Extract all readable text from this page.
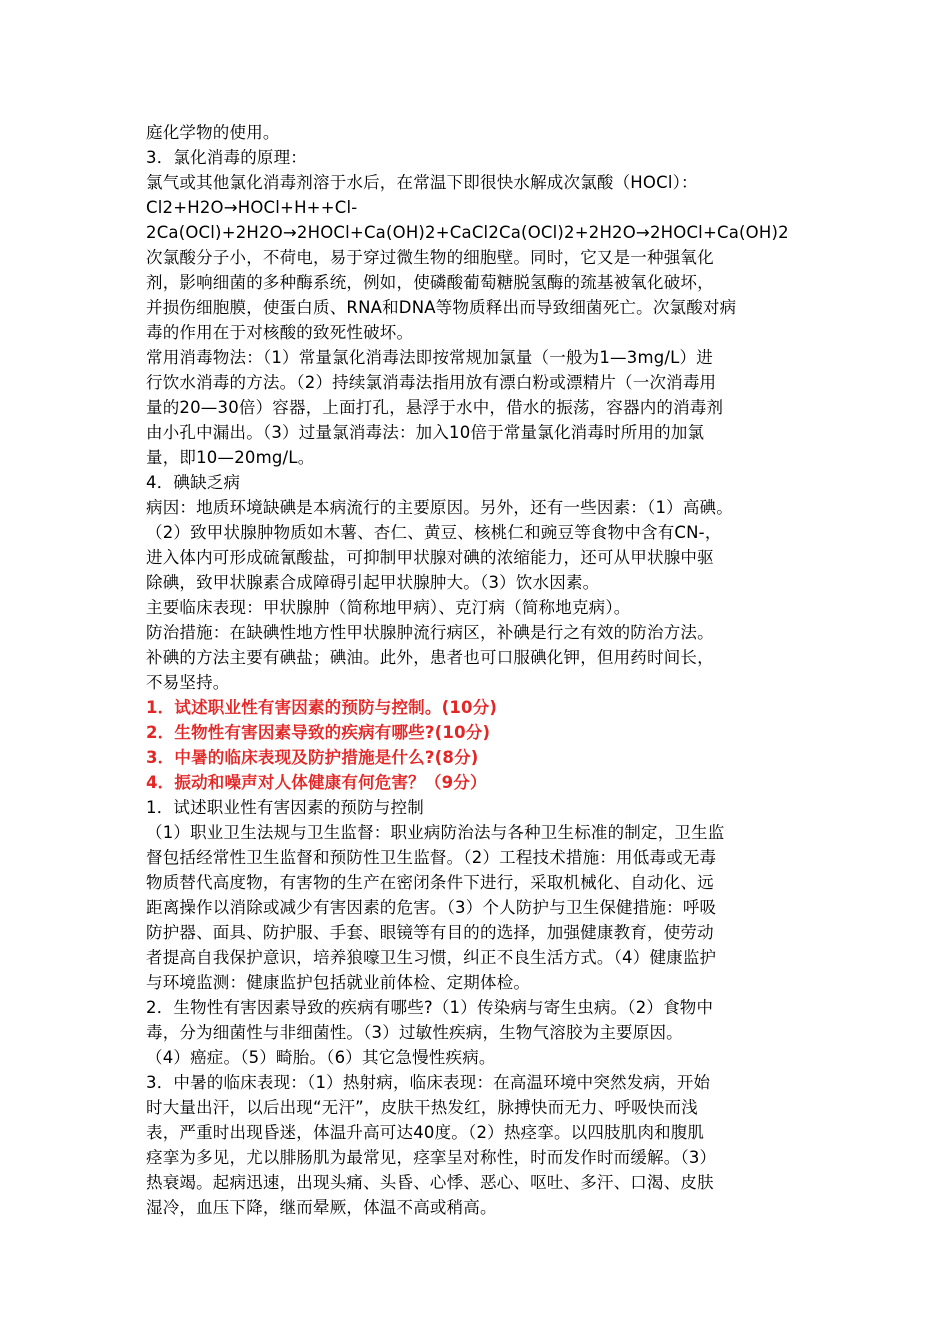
庭化学物的使用。
3．氯化消毒的原理：
氯气或其他氯化消毒剂溶于水后，在常温下即很快水解成次氯酸（HOCl）：
Cl2+H2O→HOCl+H++Cl-
2Ca(OCl)+2H2O→2HOCl+Ca(OH)2+CaCl2Ca(OCl)2+2H2O→2HOCl+Ca(OH)2
次氯酸分子小，不荷电，易于穿过微生物的细胞壁。同时，它又是一种强氧化
剂，影响细菌的多种酶系统，例如，使磷酸葡萄糖脱氢酶的巯基被氧化破坏，
并损伤细胞膜，使蛋白质、RNA和DNA等物质释出而导致细菌死亡。次氯酸对病
毒的作用在于对核酸的致死性破坏。
常用消毒物法：（1）常量氯化消毒法即按常规加氯量（一般为1—3mg/L）进
行饮水消毒的方法。（2）持续氯消毒法指用放有漂白粉或漂精片（一次消毒用
量的20—30倍）容器，上面打孔，悬浮于水中，借水的振荡，容器内的消毒剂
由小孔中漏出。（3）过量氯消毒法：加入10倍于常量氯化消毒时所用的加氯
量，即10—20mg/L。
4．碘缺乏病
病因：地质环境缺碘是本病流行的主要原因。另外，还有一些因素：（1）高碘。
（2）致甲状腺肿物质如木薯、杏仁、黄豆、核桃仁和豌豆等食物中含有CN-，
进入体内可形成硫氰酸盐，可抑制甲状腺对碘的浓缩能力，还可从甲状腺中驱
除碘，致甲状腺素合成障碍引起甲状腺肿大。（3）饮水因素。
主要临床表现：甲状腺肿（简称地甲病）、克汀病（简称地克病）。
防治措施：在缺碘性地方性甲状腺肿流行病区，补碘是行之有效的防治方法。
补碘的方法主要有碘盐；碘油。此外，患者也可口服碘化钾，但用药时间长，
不易坚持。
1．试述职业性有害因素的预防与控制。(10分)
2．生物性有害因素导致的疾病有哪些?(10分)
3．中暑的临床表现及防护措施是什么?(8分)
4．振动和噪声对人体健康有何危害？（9分）
1．试述职业性有害因素的预防与控制
（1）职业卫生法规与卫生监督：职业病防治法与各种卫生标准的制定，卫生监
督包括经常性卫生监督和预防性卫生监督。（2）工程技术措施：用低毒或无毒
物质替代高度物，有害物的生产在密闭条件下进行，采取机械化、自动化、远
距离操作以消除或减少有害因素的危害。（3）个人防护与卫生保健措施：呼吸
防护器、面具、防护服、手套、眼镜等有目的的选择，加强健康教育，使劳动
者提高自我保护意识，培养狼嚎卫生习惯，纠正不良生活方式。（4）健康监护
与环境监测：健康监护包括就业前体检、定期体检。
2．生物性有害因素导致的疾病有哪些?（1）传染病与寄生虫病。（2）食物中
毒，分为细菌性与非细菌性。（3）过敏性疾病，生物气溶胶为主要原因。
（4）癌症。（5）畸胎。（6）其它急慢性疾病。
3．中暑的临床表现：（1）热射病，临床表现：在高温环境中突然发病，开始
时大量出汗，以后出现“无汗”，皮肤干热发红，脉搏快而无力、呼吸快而浅
表，严重时出现昏迷，体温升高可达40度。（2）热痉挛。以四肢肌肉和腹肌
痉挛为多见，尤以腓肠肌为最常见，痉挛呈对称性，时而发作时而缓解。（3）
热衰竭。起病迅速，出现头痛、头昏、心悸、恶心、呕吐、多汗、口渴、皮肤
湿冷，血压下降，继而晕厥，体温不高或稍高。
